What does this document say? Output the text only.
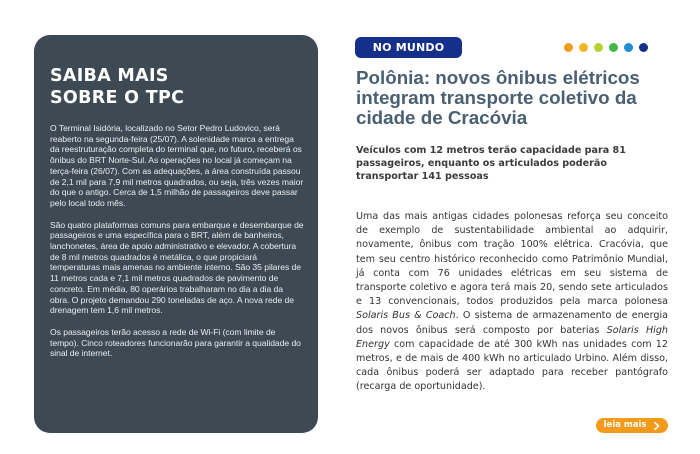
SAIBA MAIS
SOBRE O TPC

O Terminal Isidória, localizado no Setor Pedro Ludovico, será reaberto na segunda-feira (25/07). A solenidade marca a entrega da reestruturação completa do terminal que, no futuro, receberá os ônibus do BRT Norte-Sul. As operações no local já começam na terça-feira (26/07). Com as adequações, a área construída passou de 2,1 mil para 7,9 mil metros quadrados, ou seja, três vezes maior do que o antigo. Cerca de 1,5 milhão de passageiros deve passar pelo local todo mês.

São quatro plataformas comuns para embarque e desembarque de passageiros e uma específica para o BRT, além de banheiros, lanchonetes, área de apoio administrativo e elevador. A cobertura de 8 mil metros quadrados é metálica, o que propiciará temperaturas mais amenas no ambiente interno. São 35 pilares de 11 metros cada e 7,1 mil metros quadrados de pavimento de concreto. Em média, 80 operários trabalharam no dia a dia da obra. O projeto demandou 290 toneladas de aço. A nova rede de drenagem tem 1,6 mil metros.

Os passageiros terão acesso a rede de Wi-Fi (com limite de tempo). Cinco roteadores funcionarão para garantir a qualidade do sinal de internet.

NO MUNDO
Polônia: novos ônibus elétricos
integram transporte coletivo da
cidade de Cracóvia

Veículos com 12 metros terão capacidade para 81
passageiros, enquanto os articulados poderão
transportar 141 pessoas

Uma das mais antigas cidades polonesas reforça seu conceito de exemplo de sustentabilidade ambiental ao adquirir, novamente, ônibus com tração 100% elétrica. Cracóvia, que tem seu centro histórico reconhecido como Patrimônio Mundial, já conta com 76 unidades elétricas em seu sistema de transporte coletivo e agora terá mais 20, sendo sete articulados e 13 convencionais, todos produzidos pela marca polonesa Solaris Bus & Coach. O sistema de armazenamento de energia dos novos ônibus será composto por baterias Solaris High Energy com capacidade de até 300 kWh nas unidades com 12 metros, e de mais de 400 kWh no articulado Urbino. Além disso, cada ônibus poderá ser adaptado para receber pantógrafo (recarga de oportunidade).

leia mais
